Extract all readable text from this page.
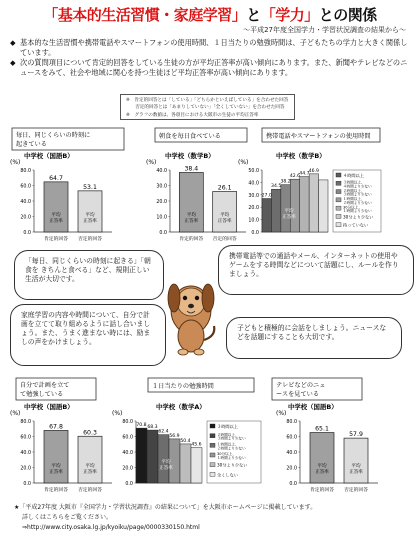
「基本的生活習慣・家庭学習」と「学力」との関係
～平成27年度全国学力・学習状況調査の結果から～
◆ 基本的な生活習慣や携帯電話やスマートフォンの使用時間、１日当たりの勉強時間は、子どもたちの学力と大きく関係しています。
◆ 次の質問項目について肯定的回答をしている生徒の方が平均正答率が高い傾向にあります。また、新聞やテレビなどのニュースをみて、社会や地域に関心を持つ生徒ほど平均正答率が高い傾向にあります。
※　肯定的回答とは「している」「どちらかといえばしている」を合わせた回答
　　否定的回答とは「あまりしていない」「全くしていない」を合わせた回答
※　グラフの数値は、各項目における大阪市の生徒の平均正答率
毎日、同じくらいの時刻に
起きている
中学校（国語B）
(%)
0.0
20.0
40.0
60.0
80.0
64.7
平均
正答率
肯定的回答
53.1
平均
正答率
否定的回答
朝食を毎日食べている
中学校（数学B）
(%)
0.0
10.0
20.0
30.0
40.0	38.4
平均
正答率
肯定的回答
26.1
平均
正答率
否定的回答
携帯電話やスマートフォンの使用時間
中学校（数学B）
(%)
0.0
10.0
20.0
30.0
40.0
50.0
27.0
34.5
38.2
42.6
44.7
46.9
平均
正答率
４時間以上
３時間以上、
４時間より少ない
２時間以上、
３時間より少ない
１時間以上、
２時間より少ない
30分以上、
１時間より少ない
30分より少ない
持っていない
自分で計画を立て
て勉強している
中学校（国語B）
(%)
0.0
20.0
40.0
60.0
80.0
67.8
平均
正答率
肯定的回答
60.3
平均
正答率
否定的回答
１日当たりの勉強時間
中学校（数学A）
(%)
0.0
20.0
40.0
60.0
80.0
70.8 68.3
62.4
56.9
50.4
45.6
平均
正答率
３時間以上
２時間以上、
３時間より少ない
１時間以上、
２時間より少ない
30分以上、
１時間より少ない
30分より少ない
全くしない
テレビなどのニュ
ースを見ている
中学校（国語B）
(%)
0.0
20.0
40.0
60.0
80.0
65.1
平均
正答率
肯定的回答
57.9
平均
正答率
否定的回答
「毎日、同じくらいの時刻に起きる」「朝食を きちんと食べる」など、規則正しい生活が大切です。
携帯電話等での通話やメール、インターネットの使用やゲームをする時間などについて話題にし、ルールを作りましょう。
家庭学習の内容や時間について、自分で計画を立てて取り組めるように話し合いましょう。また、うまく進まない時には、励ましの声をかけましょう。
子どもと積極的に会話をしましょう。ニュースなどを話題にすることも大切です。
★「平成27年度 大阪市『全国学力・学習状況調査』の結果について」を大阪市ホームページに掲載しています。
詳しくはこちらをご覧ください。
⇒http://www.city.osaka.lg.jp/kyoiku/page/0000330150.html
